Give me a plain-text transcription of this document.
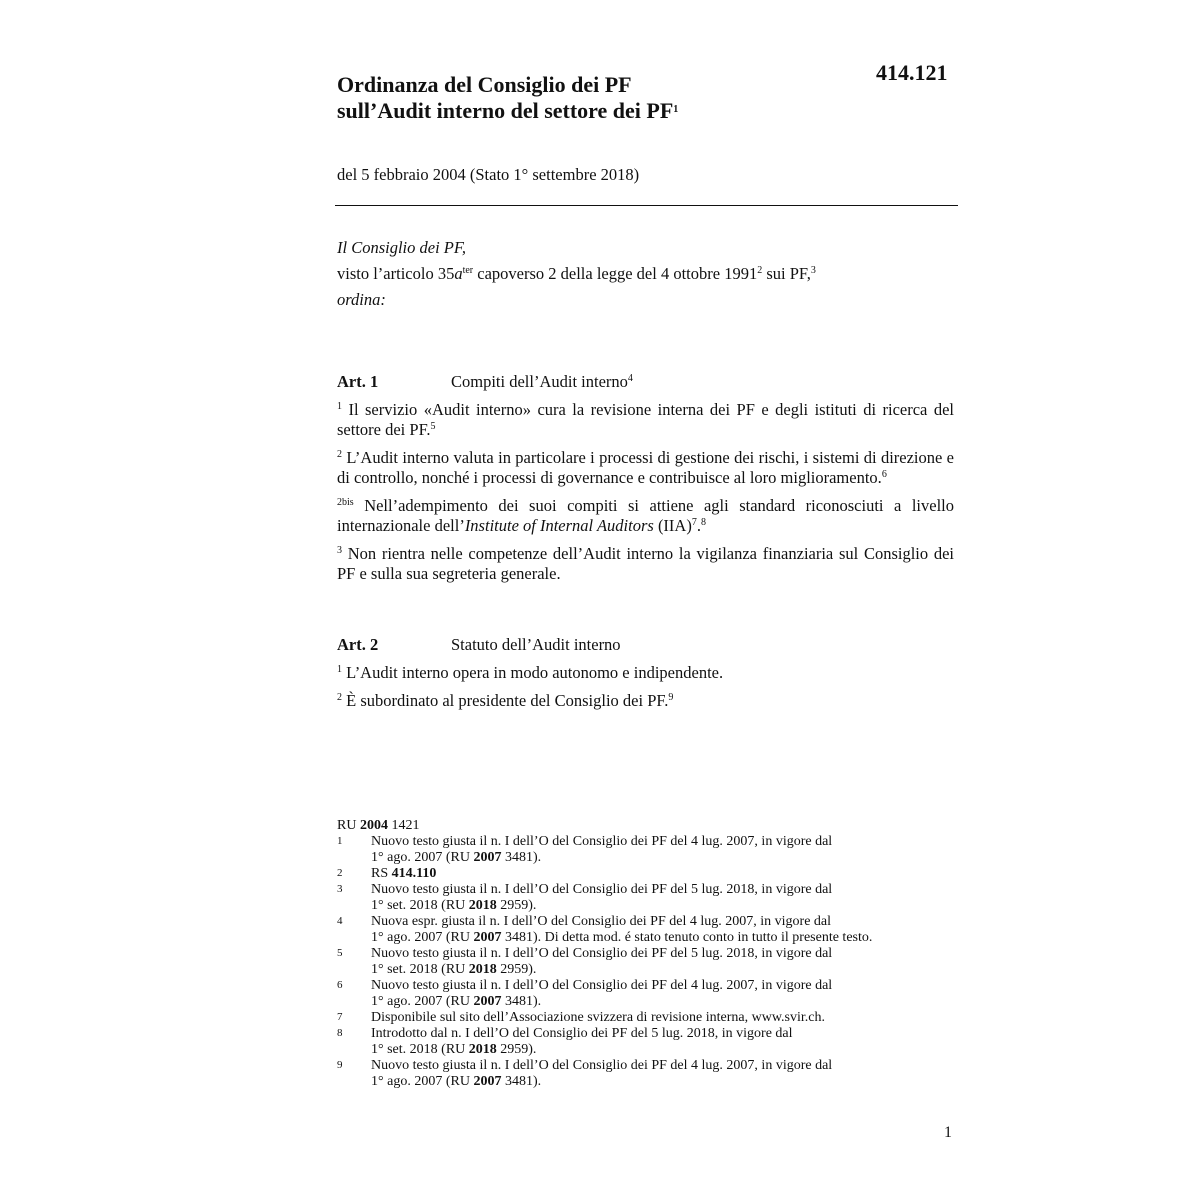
414.121
Ordinanza del Consiglio dei PF
sull’Audit interno del settore dei $PF^1$
del 5 febbraio 2004 (Stato 1° settembre 2018)
Il Consiglio dei PF,
visto l’articolo $35a^{ter}$ capoverso 2 della legge del 4 ottobre 1991$^2$ sui PF,$^3$
ordina:
Art. 1	Compiti dell’Audit interno$^4$
$^1$ Il servizio «Audit interno» cura la revisione interna dei PF e degli istituti di ricerca del settore dei PF.$^5$
$^2$ L’Audit interno valuta in particolare i processi di gestione dei rischi, i sistemi di direzione e di controllo, nonché i processi di governance e contribuisce al loro miglioramento.$^6$
$^{2bis}$ Nell’adempimento dei suoi compiti si attiene agli standard riconosciuti a livello internazionale dell’Institute of Internal Auditors (IIA)$^7$.$^8$
$^3$ Non rientra nelle competenze dell’Audit interno la vigilanza finanziaria sul Consiglio dei PF e sulla sua segreteria generale.
Art. 2	Statuto dell’Audit interno
$^1$ L’Audit interno opera in modo autonomo e indipendente.
$^2$ È subordinato al presidente del Consiglio dei PF.$^9$
RU 2004 1421
1 Nuovo testo giusta il n. I dell’O del Consiglio dei PF del 4 lug. 2007, in vigore dal
1° ago. 2007 (RU 2007 3481).
2 RS 414.110
3 Nuovo testo giusta il n. I dell’O del Consiglio dei PF del 5 lug. 2018, in vigore dal
1° set. 2018 (RU 2018 2959).
4 Nuova espr. giusta il n. I dell’O del Consiglio dei PF del 4 lug. 2007, in vigore dal
1° ago. 2007 (RU 2007 3481). Di detta mod. é stato tenuto conto in tutto il presente testo.
5 Nuovo testo giusta il n. I dell’O del Consiglio dei PF del 5 lug. 2018, in vigore dal
1° set. 2018 (RU 2018 2959).
6 Nuovo testo giusta il n. I dell’O del Consiglio dei PF del 4 lug. 2007, in vigore dal
1° ago. 2007 (RU 2007 3481).
7 Disponibile sul sito dell’Associazione svizzera di revisione interna, www.svir.ch.
8 Introdotto dal n. I dell’O del Consiglio dei PF del 5 lug. 2018, in vigore dal
1° set. 2018 (RU 2018 2959).
9 Nuovo testo giusta il n. I dell’O del Consiglio dei PF del 4 lug. 2007, in vigore dal
1° ago. 2007 (RU 2007 3481).
1
